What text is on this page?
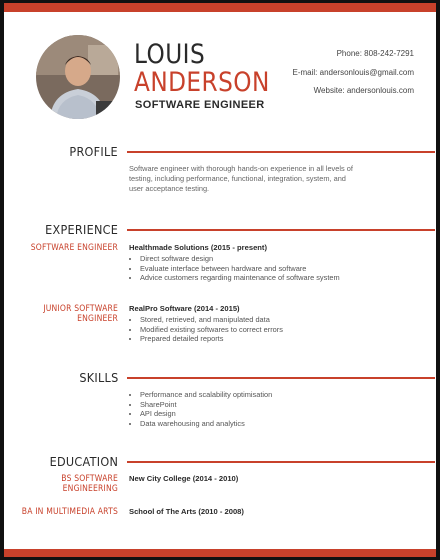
LOUIS
ANDERSON
SOFTWARE ENGINEER
Phone: 808-242-7291
E-mail: andersonlouis@gmail.com
Website: andersonlouis.com
PROFILE
Software engineer with thorough hands-on experience in all levels of testing, including performance, functional, integration, system, and user acceptance testing.
EXPERIENCE
SOFTWARE ENGINEER Healthmade Solutions (2015 - present)
• Direct software design
• Evaluate interface between hardware and software
• Advice customers regarding maintenance of software system
JUNIOR SOFTWARE ENGINEER
RealPro Software (2014 - 2015)
• Stored, retrieved, and manipulated data
• Modified existing softwares to correct errors
• Prepared detailed reports
SKILLS
• Performance and scalability optimisation
• SharePoint
• API design
• Data warehousing and analytics
EDUCATION
BS SOFTWARE ENGINEERING
New City College (2014 - 2010)
BA IN MULTIMEDIA ARTS School of The Arts (2010 - 2008)
